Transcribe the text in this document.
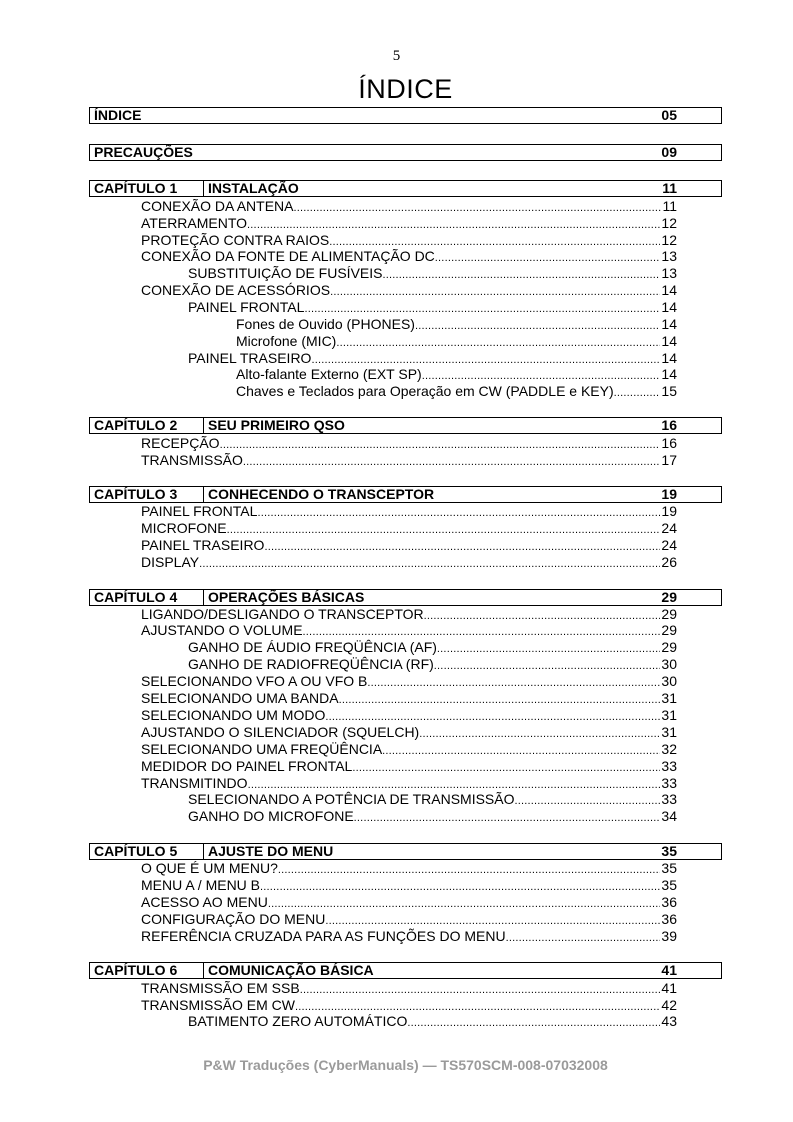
5
ÍNDICE
ÍNDICE	05
PRECAUÇÕES	09
CAPÍTULO 1 INSTALAÇÃO	11
CONEXÃO DA ANTENA .....	11
ATERRAMENTO .....	12
PROTEÇÃO CONTRA RAIOS .....	12
CONEXÃO DA FONTE DE ALIMENTAÇÃO DC .....	13
SUBSTITUIÇÃO DE FUSÍVEIS .....	13
CONEXÃO DE ACESSÓRIOS .....	14
PAINEL FRONTAL .....	14
Fones de Ouvido (PHONES) .....	14
Microfone (MIC) .....	14
PAINEL TRASEIRO .....	14
Alto-falante Externo (EXT SP) .....	14
Chaves e Teclados para Operação em CW (PADDLE e KEY) .....	15
CAPÍTULO 2 SEU PRIMEIRO QSO	16
RECEPÇÃO .....	16
TRANSMISSÃO .....	17
CAPÍTULO 3 CONHECENDO O TRANSCEPTOR	19
PAINEL FRONTAL .....	19
MICROFONE .....	24
PAINEL TRASEIRO .....	24
DISPLAY .....	26
CAPÍTULO 4 OPERAÇÕES BÁSICAS	29
LIGANDO/DESLIGANDO O TRANSCEPTOR .....	29
AJUSTANDO O VOLUME .....	29
GANHO DE ÁUDIO FREQÜÊNCIA (AF) .....	29
GANHO DE RADIOFREQÜÊNCIA (RF) .....	30
SELECIONANDO VFO A OU VFO B .....	30
SELECIONANDO UMA BANDA .....	31
SELECIONANDO UM MODO .....	31
AJUSTANDO O SILENCIADOR (SQUELCH) .....	31
SELECIONANDO UMA FREQÜÊNCIA .....	32
MEDIDOR DO PAINEL FRONTAL .....	33
TRANSMITINDO .....	33
SELECIONANDO A POTÊNCIA DE TRANSMISSÃO .....	33
GANHO DO MICROFONE .....	34
CAPÍTULO 5 AJUSTE DO MENU	35
O QUE É UM MENU? .....	35
MENU A / MENU B .....	35
ACESSO AO MENU .....	36
CONFIGURAÇÃO DO MENU .....	36
REFERÊNCIA CRUZADA PARA AS FUNÇÕES DO MENU .....	39
CAPÍTULO 6 COMUNICAÇÃO BÁSICA	41
TRANSMISSÃO EM SSB .....	41
TRANSMISSÃO EM CW .....	42
BATIMENTO ZERO AUTOMÁTICO .....	43
P&W Traduções (CyberManuals) — TS570SCM-008-07032008
